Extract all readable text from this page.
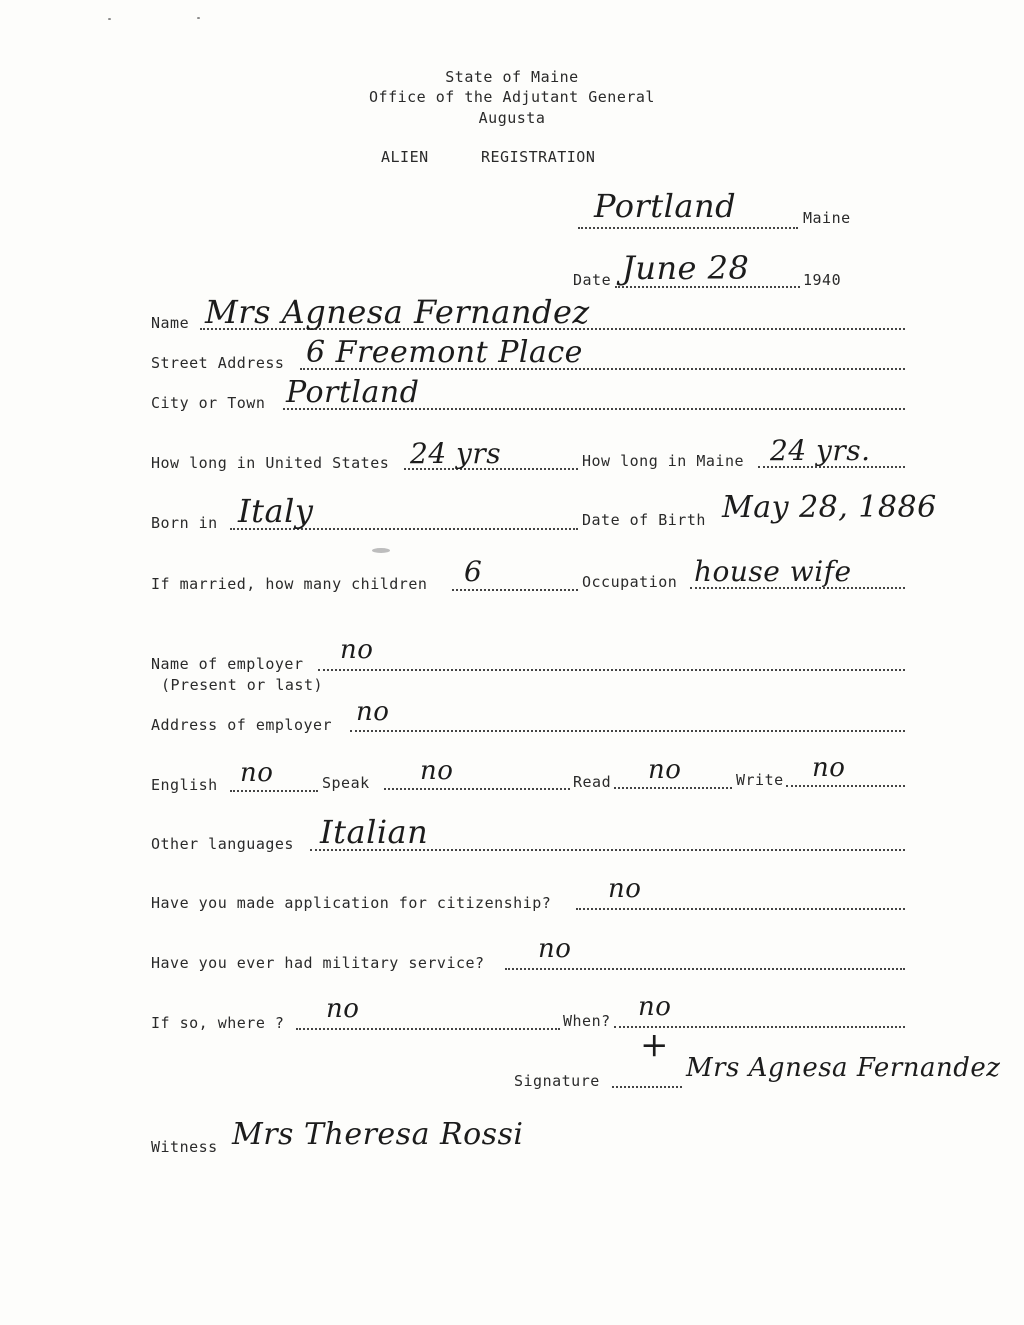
State of Maine
Office of the Adjutant General
Augusta
ALIEN	REGISTRATION
Portland	Maine
Date June 28	1940
Name Mrs Agnesa Fernandez
Street Address 6 Freemont Place
City or Town Portland
How long in United States 24 yrs	How long in Maine 24 yrs.
Born in Italy	Date of Birth May 28, 1886
If married, how many children 6	Occupation house wife
Name of employer
(Present or last)
no
Address of employer no
English no	Speak no	Read no	Write no
Other languages Italian
Have you made application for citizenship? no
Have you ever had military service? no
If so, where ? no	When? no
Signature
+
Mrs Agnesa Fernandez
Witness Mrs Theresa Rossi
